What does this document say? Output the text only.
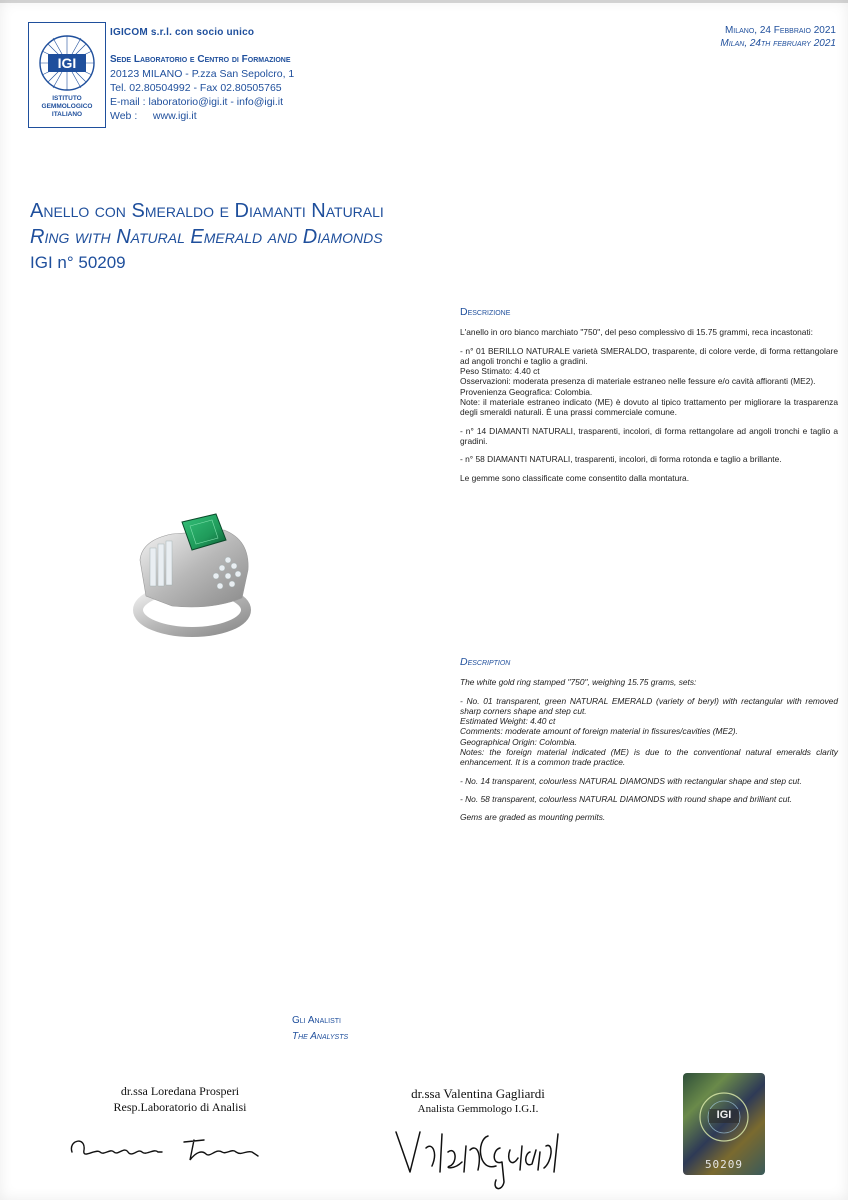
IGI
ISTITUTO
GEMMOLOGICO
ITALIANO
IGICOM s.r.l. con socio unico
Sede Laboratorio e Centro di Formazione
20123 MILANO - P.zza San Sepolcro, 1
Tel. 02.80504992 - Fax 02.80505765
E-mail : laboratorio@igi.it - info@igi.it
Web : www.igi.it
Milano, 24 Febbraio 2021
Milan, 24th february 2021
Anello con Smeraldo e Diamanti Naturali
Ring with Natural Emerald and Diamonds
IGI n° 50209
Descrizione

L'anello in oro bianco marchiato "750", del peso complessivo di 15.75 grammi, reca incastonati:

- n° 01 BERILLO NATURALE varietà SMERALDO, trasparente, di colore verde, di forma rettangolare ad angoli tronchi e taglio a gradini.
Peso Stimato: 4.40 ct
Osservazioni: moderata presenza di materiale estraneo nelle fessure e/o cavità affioranti (ME2).
Provenienza Geografica: Colombia.
Note: il materiale estraneo indicato (ME) è dovuto al tipico trattamento per migliorare la trasparenza degli smeraldi naturali. È una prassi commerciale comune.

- n° 14 DIAMANTI NATURALI, trasparenti, incolori, di forma rettangolare ad angoli tronchi e taglio a gradini.

- n° 58 DIAMANTI NATURALI, trasparenti, incolori, di forma rotonda e taglio a brillante.

Le gemme sono classificate come consentito dalla montatura.

Description

The white gold ring stamped "750", weighing 15.75 grams, sets:

- No. 01 transparent, green NATURAL EMERALD (variety of beryl) with rectangular with removed sharp corners shape and step cut.
Estimated Weight: 4.40 ct
Comments: moderate amount of foreign material in fissures/cavities (ME2).
Geographical Origin: Colombia.
Notes: the foreign material indicated (ME) is due to the conventional natural emeralds clarity enhancement. It is a common trade practice.

- No. 14 transparent, colourless NATURAL DIAMONDS with rectangular shape and step cut.

- No. 58 transparent, colourless NATURAL DIAMONDS with round shape and brilliant cut.

Gems are graded as mounting permits.

Gli Analisti
The Analysts
dr.ssa Loredana Prosperi
Resp.Laboratorio di Analisi
dr.ssa Valentina Gagliardi
Analista Gemmologo I.G.I.	IGI
50209
